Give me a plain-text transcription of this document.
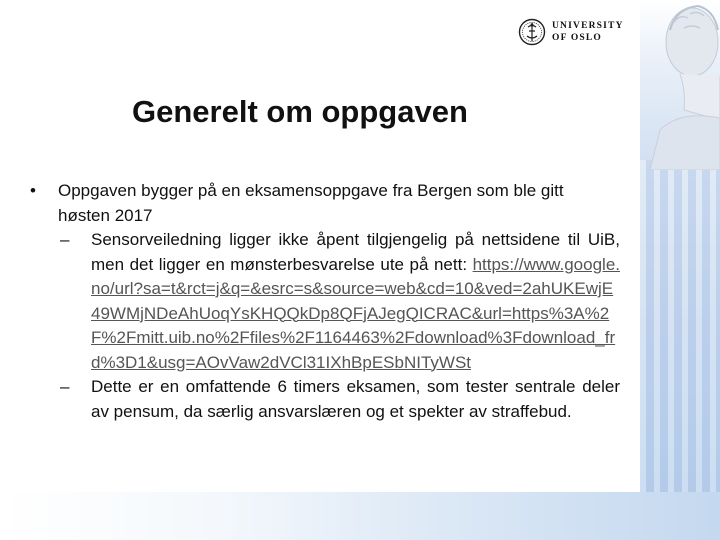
UNIVERSITY
OF OSLO
Generelt om oppgaven
•	Oppgaven bygger på en eksamensoppgave fra Bergen som ble gitt høsten 2017
–	Sensorveiledning ligger ikke åpent tilgjengelig på nettsidene til UiB, men det ligger en mønsterbesvarelse ute på nett: https://www.google.no/url?sa=t&rct=j&q=&esrc=s&source=web&cd=10&ved=2ahUKEwjE49WMjNDeAhUoqYsKHQQkDp8QFjAJegQICRAC&url=https%3A%2F%2Fmitt.uib.no%2Ffiles%2F1164463%2Fdownload%3Fdownload_frd%3D1&usg=AOvVaw2dVCl31IXhBpESbNITyWSt
–	Dette er en omfattende 6 timers eksamen, som tester sentrale deler av pensum, da særlig ansvarslæren og et spekter av straffebud.
